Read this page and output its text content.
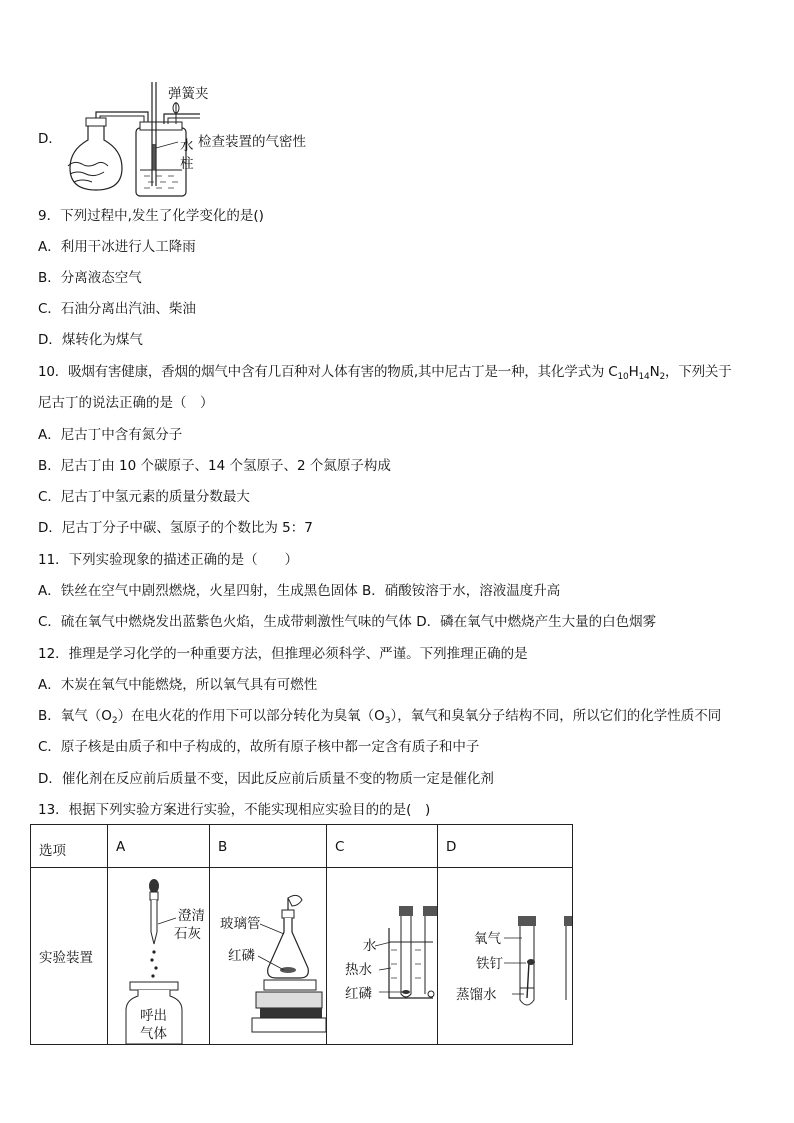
D．
弹簧夹
水
柱
检查装置的气密性
9．下列过程中,发生了化学变化的是()
A．利用干冰进行人工降雨
B．分离液态空气
C．石油分离出汽油、柴油
D．煤转化为煤气
10．吸烟有害健康，香烟的烟气中含有几百种对人体有害的物质,其中尼古丁是一种，其化学式为 $C_{10}H_{14}N_2$，下列关于
尼古丁的说法正确的是（　）
A．尼古丁中含有氮分子
B．尼古丁由 10 个碳原子、14 个氢原子、2 个氮原子构成
C．尼古丁中氢元素的质量分数最大
D．尼古丁分子中碳、氢原子的个数比为 5：7
11．下列实验现象的描述正确的是（　　）
A．铁丝在空气中剧烈燃烧，火星四射，生成黑色固体 B．硝酸铵溶于水，溶液温度升高
C．硫在氧气中燃烧发出蓝紫色火焰，生成带刺激性气味的气体 D．磷在氧气中燃烧产生大量的白色烟雾
12．推理是学习化学的一种重要方法，但推理必须科学、严谨。下列推理正确的是
A．木炭在氧气中能燃烧，所以氧气具有可燃性
B．氧气$(O_2)$在电火花的作用下可以部分转化为臭氧$(O_3)$，氧气和臭氧分子结构不同，所以它们的化学性质不同
C．原子核是由质子和中子构成的，故所有原子核中都一定含有质子和中子
D．催化剂在反应前后质量不变，因此反应前后质量不变的物质一定是催化剂
13．根据下列实验方案进行实验，不能实现相应实验目的的是(　)
选项	A	B	C	D

实验装置	澄清
石灰
呼出
气体	玻璃管
红磷	水
热水
红磷	氧气
铁钉
蒸馏水
